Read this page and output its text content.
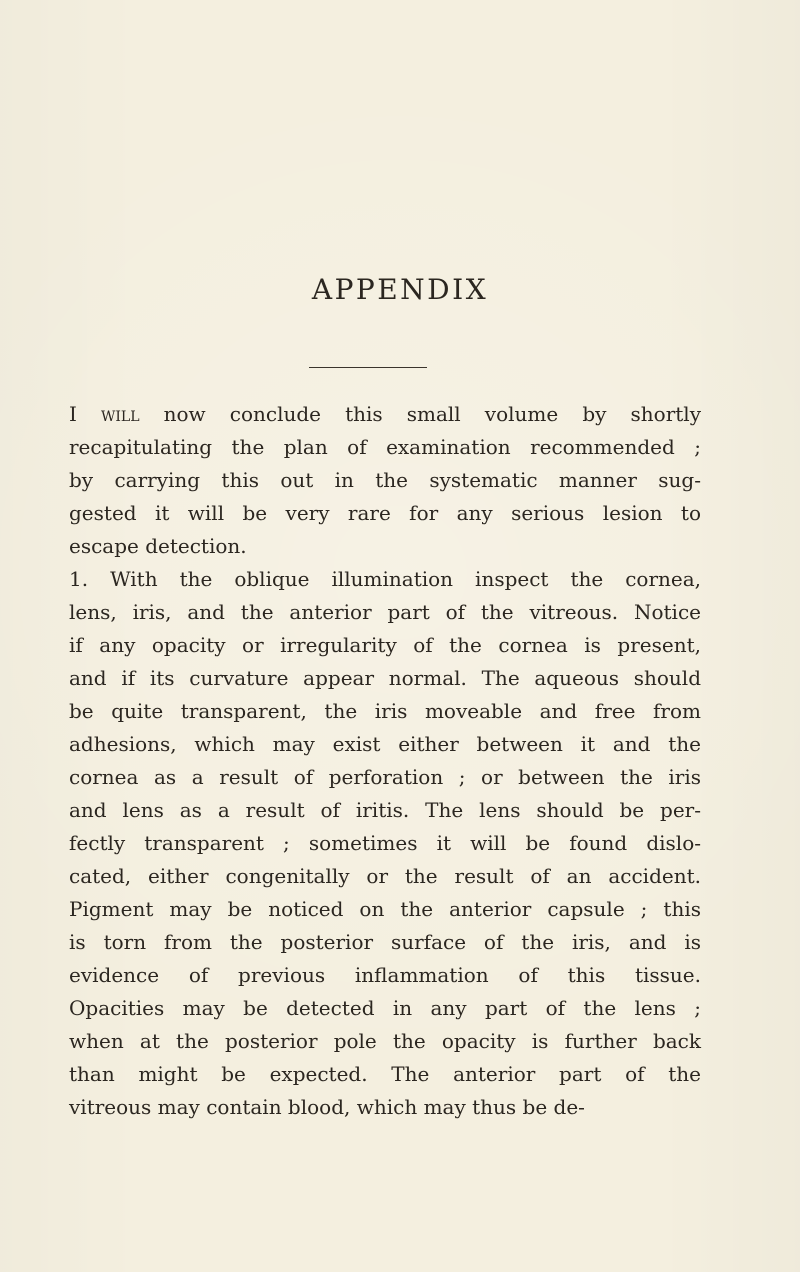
APPENDIX
I will now conclude this small volume by shortly
recapitulating the plan of examination recommended ;
by carrying this out in the systematic manner sug-
gested it will be very rare for any serious lesion to
escape detection.
1. With the oblique illumination inspect the cornea,
lens, iris, and the anterior part of the vitreous. Notice
if any opacity or irregularity of the cornea is present,
and if its curvature appear normal. The aqueous should
be quite transparent, the iris moveable and free from
adhesions, which may exist either between it and the
cornea as a result of perforation ; or between the iris
and lens as a result of iritis. The lens should be per-
fectly transparent ; sometimes it will be found dislo-
cated, either congenitally or the result of an accident.
Pigment may be noticed on the anterior capsule ; this
is torn from the posterior surface of the iris, and is
evidence of previous inflammation of this tissue.
Opacities may be detected in any part of the lens ;
when at the posterior pole the opacity is further back
than might be expected. The anterior part of the
vitreous may contain blood, which may thus be de-
